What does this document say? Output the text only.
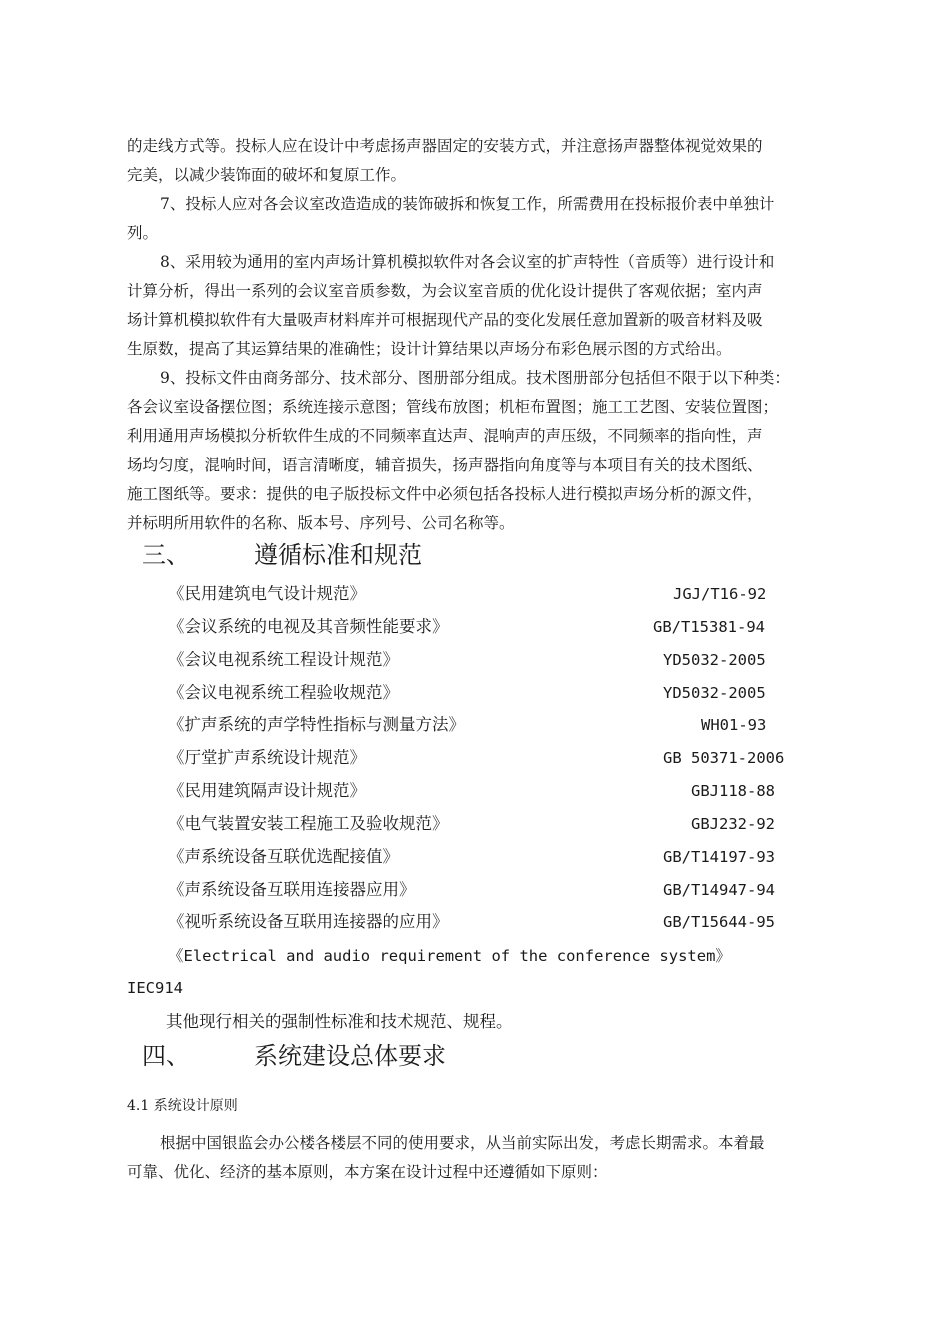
的走线方式等。投标人应在设计中考虑扬声器固定的安装方式，并注意扬声器整体视觉效果的
完美，以减少装饰面的破坏和复原工作。
7、投标人应对各会议室改造造成的装饰破拆和恢复工作，所需费用在投标报价表中单独计
列。
8、采用较为通用的室内声场计算机模拟软件对各会议室的扩声特性（音质等）进行设计和
计算分析，得出一系列的会议室音质参数，为会议室音质的优化设计提供了客观依据；室内声
场计算机模拟软件有大量吸声材料库并可根据现代产品的变化发展任意加置新的吸音材料及吸
生原数，提高了其运算结果的准确性；设计计算结果以声场分布彩色展示图的方式给出。
9、投标文件由商务部分、技术部分、图册部分组成。技术图册部分包括但不限于以下种类：
各会议室设备摆位图；系统连接示意图；管线布放图；机柜布置图；施工工艺图、安装位置图；
利用通用声场模拟分析软件生成的不同频率直达声、混响声的声压级，不同频率的指向性，声
场均匀度，混响时间，语言清晰度，辅音损失，扬声器指向角度等与本项目有关的技术图纸、
施工图纸等。要求：提供的电子版投标文件中必须包括各投标人进行模拟声场分析的源文件，
并标明所用软件的名称、版本号、序列号、公司名称等。
三、	遵循标准和规范
《民用建筑电气设计规范》	JGJ/T16-92
《会议系统的电视及其音频性能要求》	GB/T15381-94
《会议电视系统工程设计规范》	YD5032-2005
《会议电视系统工程验收规范》	YD5032-2005
《扩声系统的声学特性指标与测量方法》	WH01-93
《厅堂扩声系统设计规范》	GB 50371-2006
《民用建筑隔声设计规范》	GBJ118-88
《电气装置安装工程施工及验收规范》	GBJ232-92
《声系统设备互联优选配接值》	GB/T14197-93
《声系统设备互联用连接器应用》	GB/T14947-94
《视听系统设备互联用连接器的应用》	GB/T15644-95
《Electrical and audio requirement of the conference system》
IEC914
其他现行相关的强制性标准和技术规范、规程。
四、	系统建设总体要求
4.1 系统设计原则
根据中国银监会办公楼各楼层不同的使用要求，从当前实际出发，考虑长期需求。本着最
可靠、优化、经济的基本原则，本方案在设计过程中还遵循如下原则：
